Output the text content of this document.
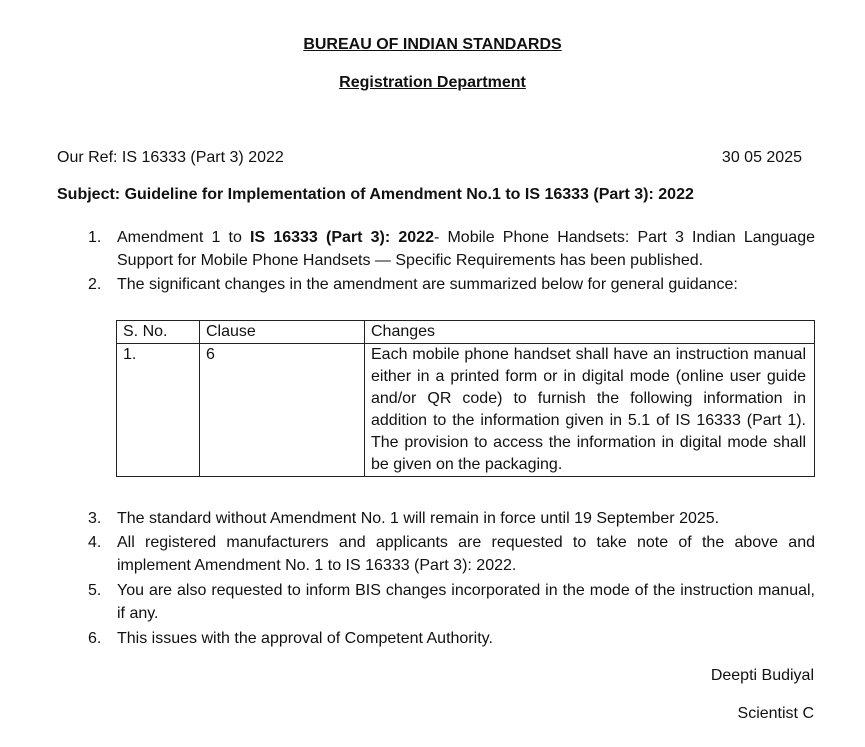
BUREAU OF INDIAN STANDARDS
Registration Department
Our Ref: IS 16333 (Part 3) 2022	30 05 2025
Subject: Guideline for Implementation of Amendment No.1 to IS 16333 (Part 3): 2022
1. Amendment 1 to IS 16333 (Part 3): 2022- Mobile Phone Handsets: Part 3 Indian Language Support for Mobile Phone Handsets — Specific Requirements has been published.
2. The significant changes in the amendment are summarized below for general guidance:
S. No.	Clause	Changes
1.	6	Each mobile phone handset shall have an instruction manual either in a printed form or in digital mode (online user guide and/or QR code) to furnish the following information in addition to the information given in 5.1 of IS 16333 (Part 1). The provision to access the information in digital mode shall be given on the packaging.
3. The standard without Amendment No. 1 will remain in force until 19 September 2025.
4. All registered manufacturers and applicants are requested to take note of the above and implement Amendment No. 1 to IS 16333 (Part 3): 2022.
5. You are also requested to inform BIS changes incorporated in the mode of the instruction manual, if any.
6. This issues with the approval of Competent Authority.
Deepti Budiyal
Scientist C
